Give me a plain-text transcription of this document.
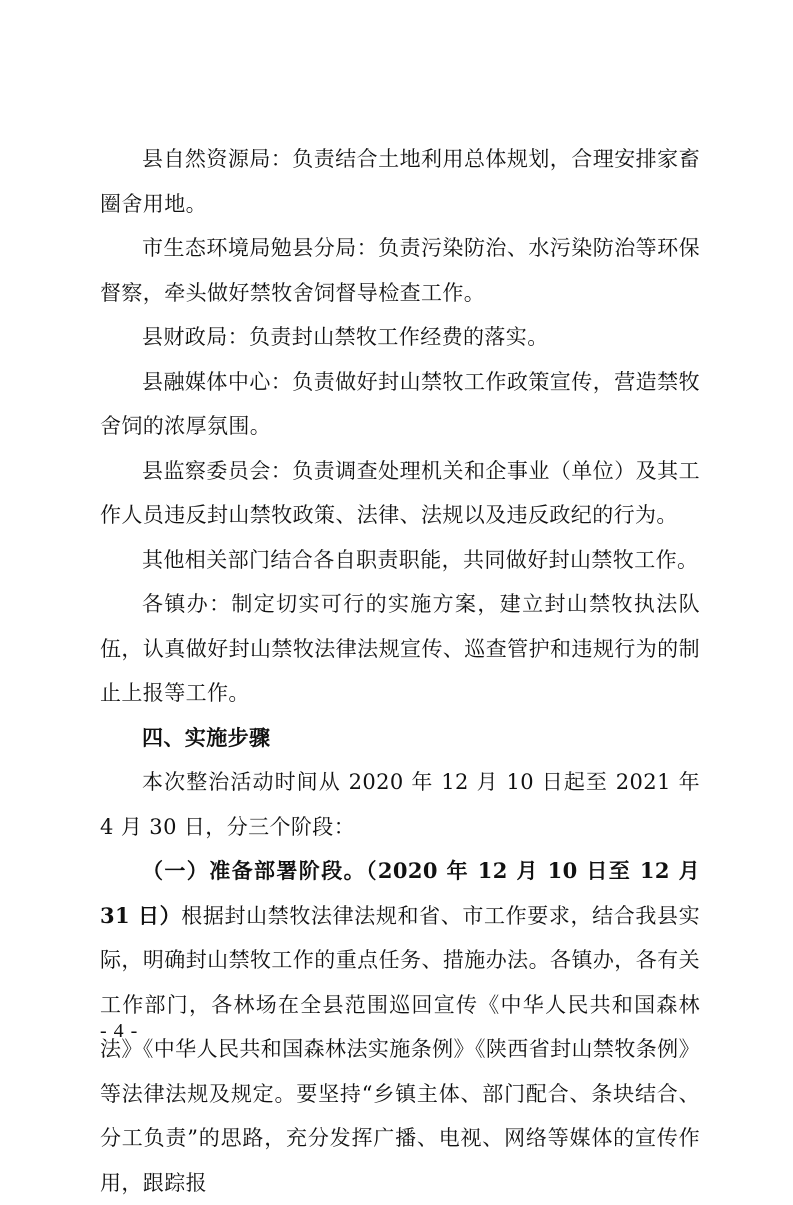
县自然资源局：负责结合土地利用总体规划，合理安排家畜圈舍用地。

市生态环境局勉县分局：负责污染防治、水污染防治等环保督察，牵头做好禁牧舍饲督导检查工作。

县财政局：负责封山禁牧工作经费的落实。

县融媒体中心：负责做好封山禁牧工作政策宣传，营造禁牧舍饲的浓厚氛围。

县监察委员会：负责调查处理机关和企事业（单位）及其工作人员违反封山禁牧政策、法律、法规以及违反政纪的行为。

其他相关部门结合各自职责职能，共同做好封山禁牧工作。

各镇办：制定切实可行的实施方案，建立封山禁牧执法队伍，认真做好封山禁牧法律法规宣传、巡查管护和违规行为的制止上报等工作。

四、实施步骤

本次整治活动时间从 2020 年 12 月 10 日起至 2021 年 4 月 30 日，分三个阶段：

（一）准备部署阶段。（2020 年 12 月 10 日至 12 月 31 日）根据封山禁牧法律法规和省、市工作要求，结合我县实际，明确封山禁牧工作的重点任务、措施办法。各镇办，各有关工作部门，各林场在全县范围巡回宣传《中华人民共和国森林法》《中华人民共和国森林法实施条例》《陕西省封山禁牧条例》等法律法规及规定。要坚持“乡镇主体、部门配合、条块结合、分工负责”的思路，充分发挥广播、电视、网络等媒体的宣传作用，跟踪报

- 4 -
